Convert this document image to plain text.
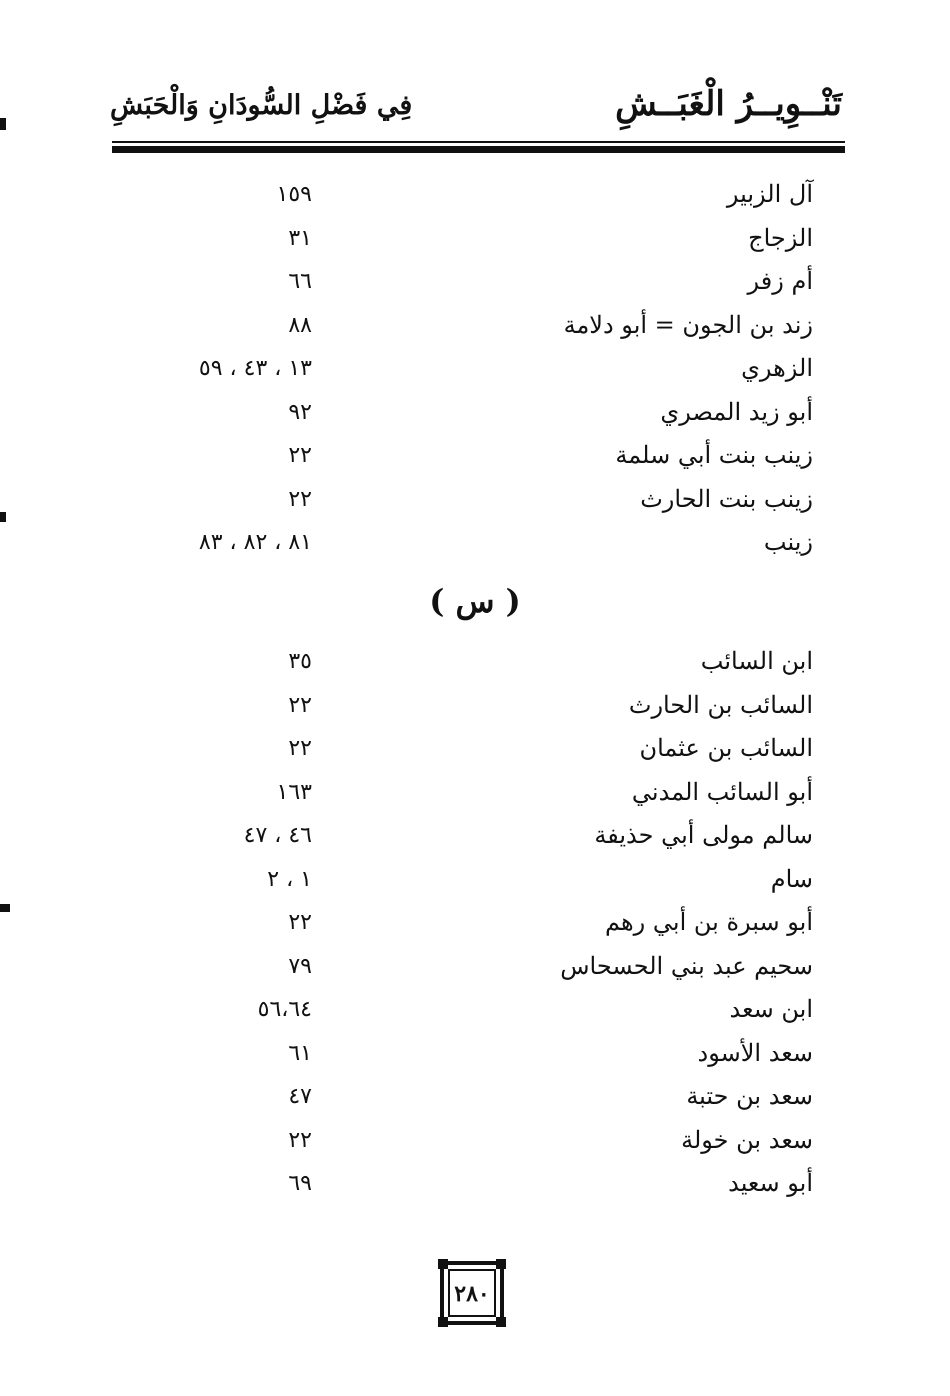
تَنْــوِيــرُ الْغَبَــشِ
فِي فَضْلِ السُّودَانِ وَالْحَبَشِ
آل الزبير
١٥٩
الزجاج
٣١
أم زفر
٦٦
زند بن الجون = أبو دلامة
٨٨
الزهري
١٣ ، ٤٣ ، ٥٩
أبو زيد المصري
٩٢
زينب بنت أبي سلمة
٢٢
زينب بنت الحارث
٢٢
زينب
٨١ ، ٨٢ ، ٨٣
( س )
ابن السائب
٣٥
السائب بن الحارث
٢٢
السائب بن عثمان
٢٢
أبو السائب المدني
١٦٣
سالم مولى أبي حذيفة
٤٦ ، ٤٧
سام
١ ، ٢
أبو سبرة بن أبي رهم
٢٢
سحيم عبد بني الحسحاس
٧٩
ابن سعد
٥٦،٦٤
سعد الأسود
٦١
سعد بن حتبة
٤٧
سعد بن خولة
٢٢
أبو سعيد
٦٩
٢٨٠
